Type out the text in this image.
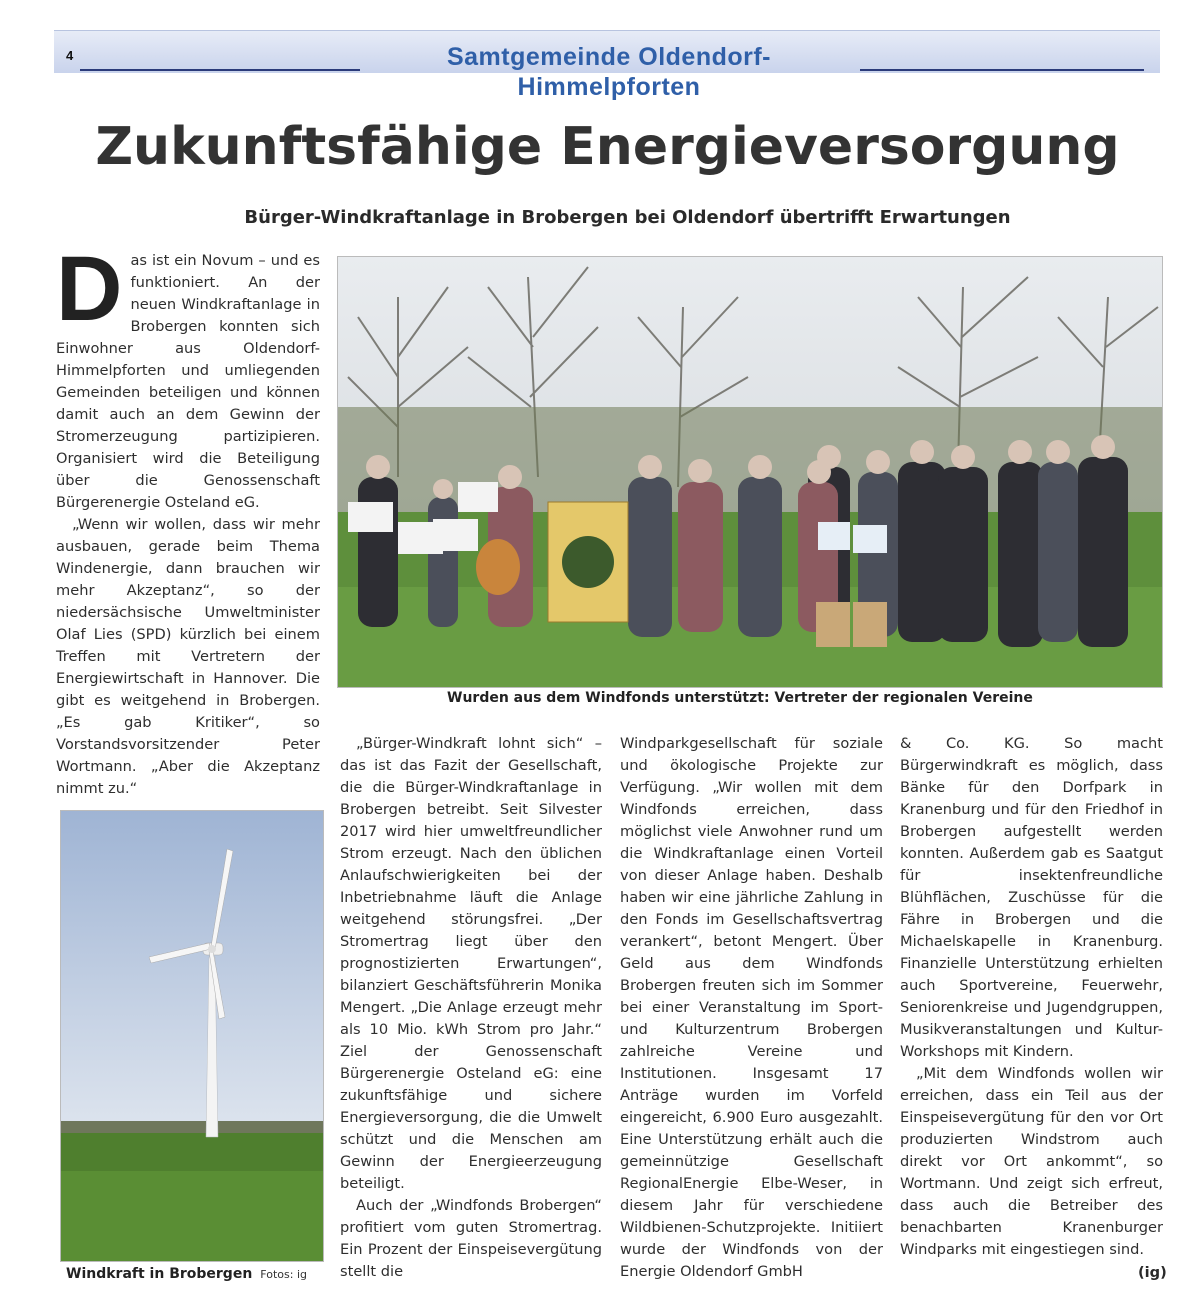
4	Samtgemeinde Oldendorf-Himmelpforten
Zukunftsfähige Energieversorgung
Bürger-Windkraftanlage in Brobergen bei Oldendorf übertrifft Erwartungen

Das ist ein Novum – und es funktioniert. An der neuen Windkraftanlage in Brobergen konnten sich Einwohner aus Oldendorf-Himmelpforten und umliegenden Gemeinden beteiligen und können damit auch an dem Gewinn der Stromerzeugung partizipieren. Organisiert wird die Beteiligung über die Genossenschaft Bürgerenergie Osteland eG.

„Wenn wir wollen, dass wir mehr ausbauen, gerade beim Thema Windenergie, dann brauchen wir mehr Akzeptanz“, so der niedersächsische Umweltminister Olaf Lies (SPD) kürzlich bei einem Treffen mit Vertretern der Energiewirtschaft in Hannover. Die gibt es weitgehend in Brobergen. „Es gab Kritiker“, so Vorstandsvorsitzender Peter Wortmann. „Aber die Akzeptanz nimmt zu.“

Wurden aus dem Windfonds unterstützt: Vertreter der regionalen Vereine
Windkraft in Brobergen Fotos: ig

„Bürger-Windkraft lohnt sich“ – das ist das Fazit der Gesellschaft, die die Bürger-Windkraftanlage in Brobergen betreibt. Seit Silvester 2017 wird hier umweltfreundlicher Strom erzeugt. Nach den üblichen Anlaufschwierigkeiten bei der Inbetriebnahme läuft die Anlage weitgehend störungsfrei. „Der Stromertrag liegt über den prognostizierten Erwartungen“, bilanziert Geschäftsführerin Monika Mengert. „Die Anlage erzeugt mehr als 10 Mio. kWh Strom pro Jahr.“ Ziel der Genossenschaft Bürgerenergie Osteland eG: eine zukunftsfähige und sichere Energieversorgung, die die Umwelt schützt und die Menschen am Gewinn der Energieerzeugung beteiligt.

Auch der „Windfonds Brobergen“ profitiert vom guten Stromertrag. Ein Prozent der Einspeisevergütung stellt die

Windparkgesellschaft für soziale und ökologische Projekte zur Verfügung. „Wir wollen mit dem Windfonds erreichen, dass möglichst viele Anwohner rund um die Windkraftanlage einen Vorteil von dieser Anlage haben. Deshalb haben wir eine jährliche Zahlung in den Fonds im Gesellschaftsvertrag verankert“, betont Mengert. Über Geld aus dem Windfonds Brobergen freuten sich im Sommer bei einer Veranstaltung im Sport- und Kulturzentrum Brobergen zahlreiche Vereine und Institutionen. Insgesamt 17 Anträge wurden im Vorfeld eingereicht, 6.900 Euro ausgezahlt. Eine Unterstützung erhält auch die gemeinnützige Gesellschaft RegionalEnergie Elbe-Weser, in diesem Jahr für verschiedene Wildbienen-Schutzprojekte. Initiiert wurde der Windfonds von der Energie Oldendorf GmbH

& Co. KG. So macht Bürgerwindkraft es möglich, dass Bänke für den Dorfpark in Kranenburg und für den Friedhof in Brobergen aufgestellt werden konnten. Außerdem gab es Saatgut für insektenfreundliche Blühflächen, Zuschüsse für die Fähre in Brobergen und die Michaelskapelle in Kranenburg. Finanzielle Unterstützung erhielten auch Sportvereine, Feuerwehr, Seniorenkreise und Jugendgruppen, Musikveranstaltungen und Kultur-Workshops mit Kindern.

„Mit dem Windfonds wollen wir erreichen, dass ein Teil aus der Einspeisevergütung für den vor Ort produzierten Windstrom auch direkt vor Ort ankommt“, so Wortmann. Und zeigt sich erfreut, dass auch die Betreiber des benachbarten Kranenburger Windparks mit eingestiegen sind.

(ig)
